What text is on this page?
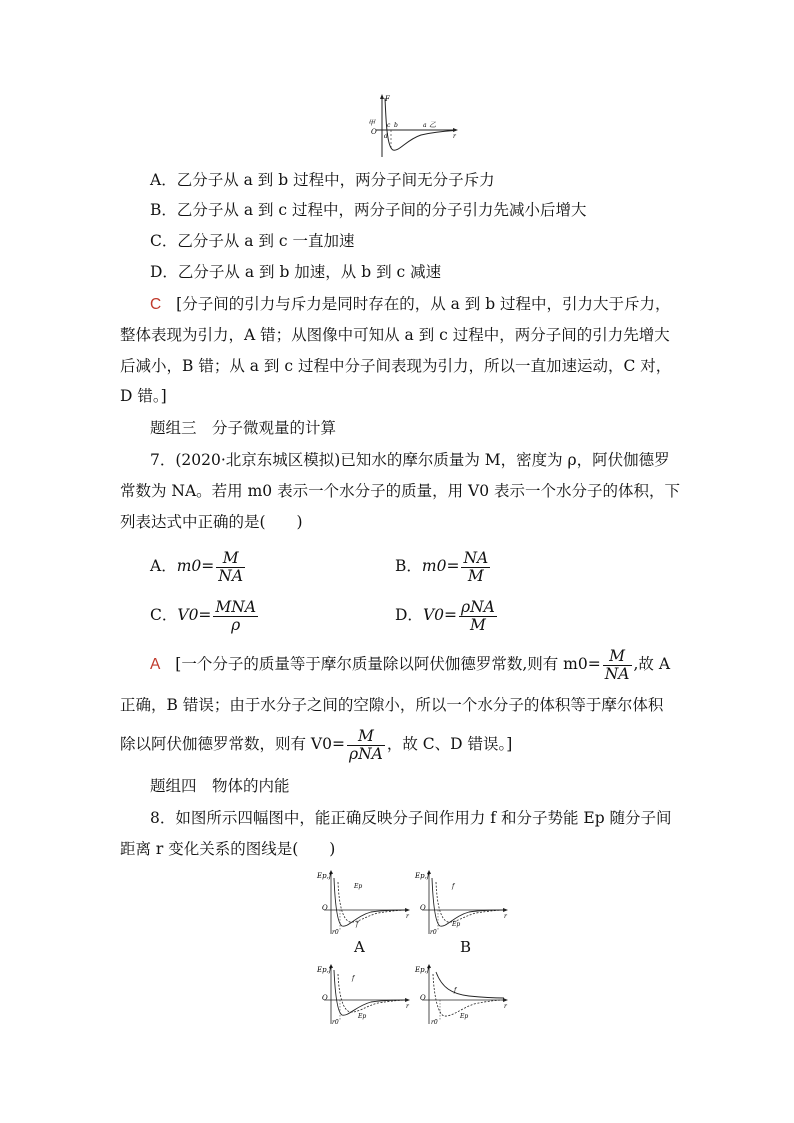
F
甲
O
d
c b	a 乙
r
A．乙分子从 a 到 b 过程中，两分子间无分子斥力
B．乙分子从 a 到 c 过程中，两分子间的分子引力先减小后增大
C．乙分子从 a 到 c 一直加速
D．乙分子从 a 到 b 加速，从 b 到 c 减速
C [分子间的引力与斥力是同时存在的，从 a 到 b 过程中，引力大于斥力，
整体表现为引力，A 错；从图像中可知从 a 到 c 过程中，两分子间的引力先增大
后减小，B 错；从 a 到 c 过程中分子间表现为引力，所以一直加速运动，C 对，
D 错。]
题组三　分子微观量的计算
7．(2020·北京东城区模拟)已知水的摩尔质量为 M，密度为 ρ，阿伏伽德罗
常数为 NA。若用 m0 表示一个水分子的质量，用 V0 表示一个水分子的体积，下
列表达式中正确的是(　　)
A．$m0= \frac{M}{NA}$	B．$m0= \frac{NA}{M}$
C．$V0= \frac{\text{MNA}}{\rho}$	D．$V0= \frac{\text{ρNA}}{M}$
A [一个分子的质量等于摩尔质量除以阿伏伽德罗常数,则有 $m0= \frac{M}{NA}$ ,故 A
正确，B 错误；由于水分子之间的空隙小，所以一个水分子的体积等于摩尔体积
除以阿伏伽德罗常数，则有 $V0= \frac{M}{\text{ρNA}}$ ，故 C、D 错误。]
题组四　物体的内能
8．如图所示四幅图中，能正确反映分子间作用力 f 和分子势能 Ep 随分子间
距离 r 变化关系的图线是(　　)
Ep,f
O
r0
r
Ep
f
A
Ep,f
O
r0
r
f
Ep
B
Ep,f
O
r0
r
f
Ep
Ep,f
O
r0
r
f
Ep
